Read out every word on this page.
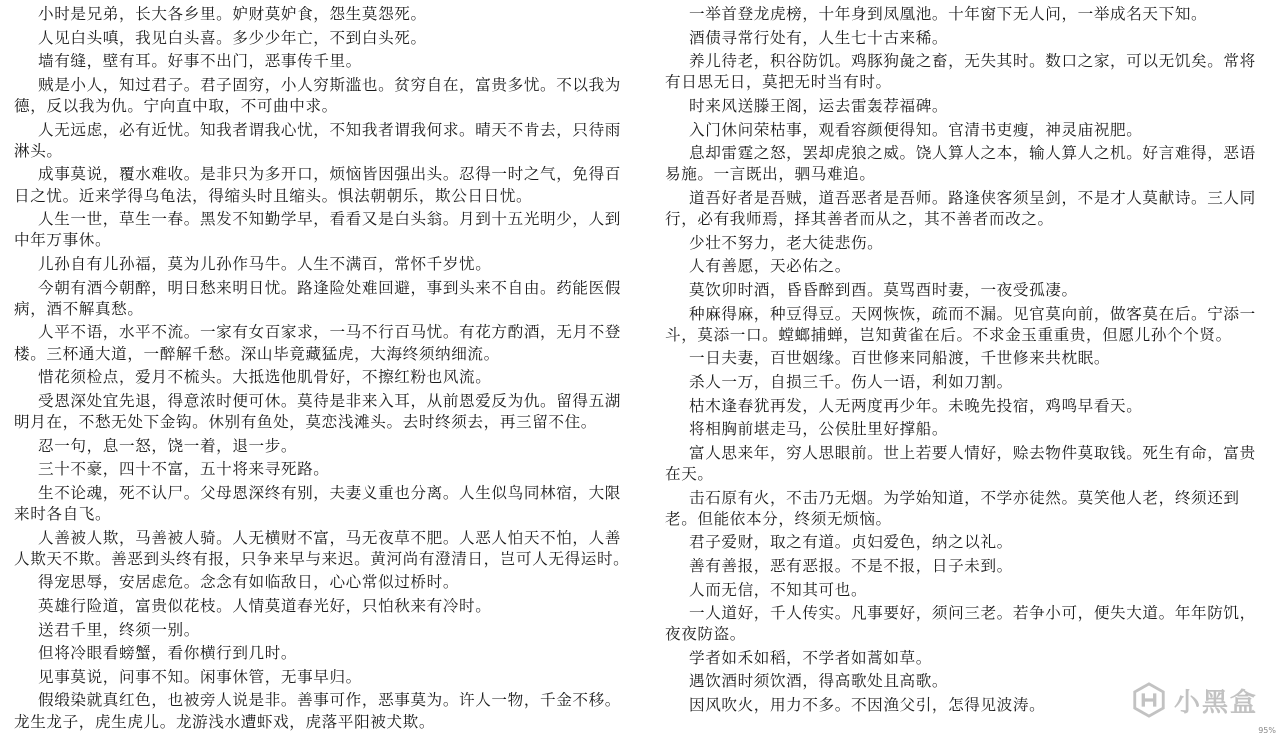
小时是兄弟，长大各乡里。妒财莫妒食，怨生莫怨死。

人见白头嗔，我见白头喜。多少少年亡，不到白头死。

墙有缝，壁有耳。好事不出门，恶事传千里。

贼是小人，知过君子。君子固穷，小人穷斯滥也。贫穷自在，富贵多忧。不以我为德，反以我为仇。宁向直中取，不可曲中求。

人无远虑，必有近忧。知我者谓我心忧，不知我者谓我何求。晴天不肯去，只待雨淋头。

成事莫说，覆水难收。是非只为多开口，烦恼皆因强出头。忍得一时之气，免得百日之忧。近来学得乌龟法，得缩头时且缩头。惧法朝朝乐，欺公日日忧。

人生一世，草生一春。黑发不知勤学早，看看又是白头翁。月到十五光明少，人到中年万事休。

儿孙自有儿孙福，莫为儿孙作马牛。人生不满百，常怀千岁忧。

今朝有酒今朝醉，明日愁来明日忧。路逢险处难回避，事到头来不自由。药能医假病，酒不解真愁。

人平不语，水平不流。一家有女百家求，一马不行百马忧。有花方酌酒，无月不登楼。三杯通大道，一醉解千愁。深山毕竟藏猛虎，大海终须纳细流。

惜花须检点，爱月不梳头。大抵选他肌骨好，不擦红粉也风流。

受恩深处宜先退，得意浓时便可休。莫待是非来入耳，从前恩爱反为仇。留得五湖明月在，不愁无处下金钩。休别有鱼处，莫恋浅滩头。去时终须去，再三留不住。

忍一句，息一怒，饶一着，退一步。

三十不豪，四十不富，五十将来寻死路。

生不论魂，死不认尸。父母恩深终有别，夫妻义重也分离。人生似鸟同林宿，大限来时各自飞。

人善被人欺，马善被人骑。人无横财不富，马无夜草不肥。人恶人怕天不怕，人善人欺天不欺。善恶到头终有报，只争来早与来迟。黄河尚有澄清日，岂可人无得运时。

得宠思辱，安居虑危。念念有如临敌日，心心常似过桥时。

英雄行险道，富贵似花枝。人情莫道春光好，只怕秋来有冷时。

送君千里，终须一别。

但将冷眼看螃蟹，看你横行到几时。

见事莫说，问事不知。闲事休管，无事早归。

假缎染就真红色，也被旁人说是非。善事可作，恶事莫为。许人一物，千金不移。龙生龙子，虎生虎儿。龙游浅水遭虾戏，虎落平阳被犬欺。

一举首登龙虎榜，十年身到凤凰池。十年窗下无人问，一举成名天下知。

酒债寻常行处有，人生七十古来稀。

养儿待老，积谷防饥。鸡豚狗彘之畜，无失其时。数口之家，可以无饥矣。常将有日思无日，莫把无时当有时。

时来风送滕王阁，运去雷轰荐福碑。

入门休问荣枯事，观看容颜便得知。官清书吏瘦，神灵庙祝肥。

息却雷霆之怒，罢却虎狼之威。饶人算人之本，输人算人之机。好言难得，恶语易施。一言既出，驷马难追。

道吾好者是吾贼，道吾恶者是吾师。路逢侠客须呈剑，不是才人莫献诗。三人同行，必有我师焉，择其善者而从之，其不善者而改之。

少壮不努力，老大徒悲伤。

人有善愿，天必佑之。

莫饮卯时酒，昏昏醉到酉。莫骂酉时妻，一夜受孤凄。

种麻得麻，种豆得豆。天网恢恢，疏而不漏。见官莫向前，做客莫在后。宁添一斗，莫添一口。螳螂捕蝉，岂知黄雀在后。不求金玉重重贵，但愿儿孙个个贤。

一日夫妻，百世姻缘。百世修来同船渡，千世修来共枕眠。

杀人一万，自损三千。伤人一语，利如刀割。

枯木逢春犹再发，人无两度再少年。未晚先投宿，鸡鸣早看天。

将相胸前堪走马，公侯肚里好撑船。

富人思来年，穷人思眼前。世上若要人情好，赊去物件莫取钱。死生有命，富贵在天。

击石原有火，不击乃无烟。为学始知道，不学亦徒然。莫笑他人老，终须还到老。但能依本分，终须无烦恼。

君子爱财，取之有道。贞妇爱色，纳之以礼。

善有善报，恶有恶报。不是不报，日子未到。

人而无信，不知其可也。

一人道好，千人传实。凡事要好，须问三老。若争小可，便失大道。年年防饥，夜夜防盗。

学者如禾如稻，不学者如蒿如草。

遇饮酒时须饮酒，得高歌处且高歌。

因风吹火，用力不多。不因渔父引，怎得见波涛。	小黑盒
95%
